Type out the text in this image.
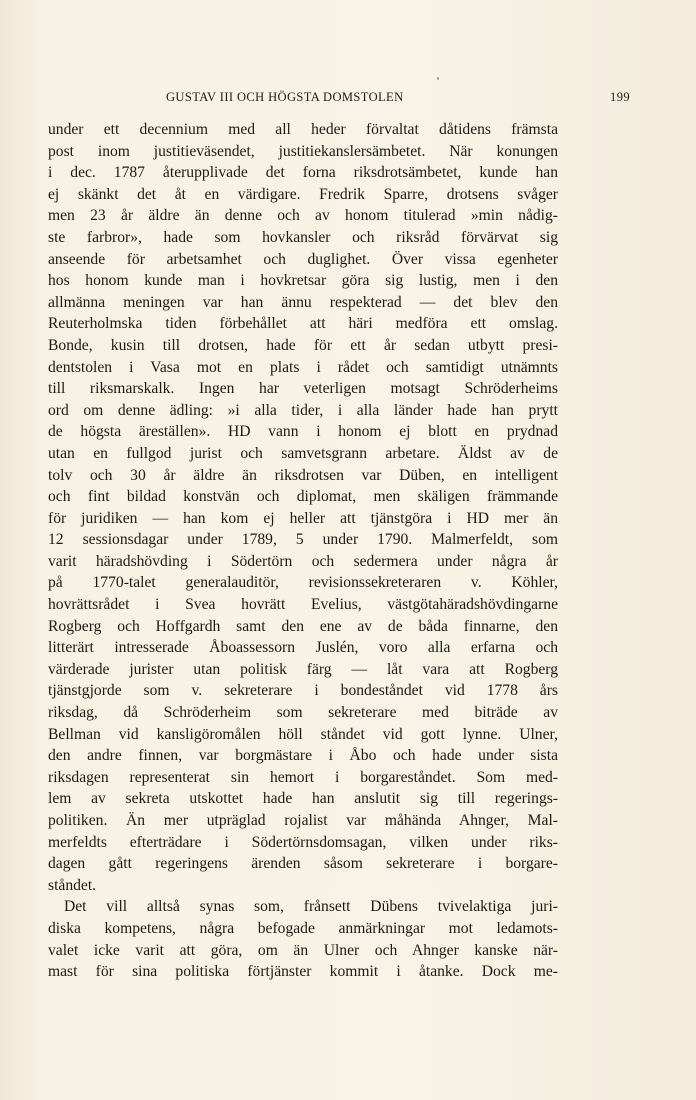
GUSTAV III OCH HÖGSTA DOMSTOLEN	199
under ett decennium med all heder förvaltat dåtidens främsta
post inom justitieväsendet, justitiekanslersämbetet. När konungen
i dec. 1787 återupplivade det forna riksdrotsämbetet, kunde han
ej skänkt det åt en värdigare. Fredrik Sparre, drotsens svåger
men 23 år äldre än denne och av honom titulerad »min nådig-
ste farbror», hade som hovkansler och riksråd förvärvat sig
anseende för arbetsamhet och duglighet. Över vissa egenheter
hos honom kunde man i hovkretsar göra sig lustig, men i den
allmänna meningen var han ännu respekterad — det blev den
Reuterholmska tiden förbehållet att häri medföra ett omslag.
Bonde, kusin till drotsen, hade för ett år sedan utbytt presi-
dentstolen i Vasa mot en plats i rådet och samtidigt utnämnts
till riksmarskalk. Ingen har veterligen motsagt Schröderheims
ord om denne ädling: »i alla tider, i alla länder hade han prytt
de högsta äreställen». HD vann i honom ej blott en prydnad
utan en fullgod jurist och samvetsgrann arbetare. Äldst av de
tolv och 30 år äldre än riksdrotsen var Düben, en intelligent
och fint bildad konstvän och diplomat, men skäligen främmande
för juridiken — han kom ej heller att tjänstgöra i HD mer än
12 sessionsdagar under 1789, 5 under 1790. Malmerfeldt, som
varit häradshövding i Södertörn och sedermera under några år
på 1770-talet generalauditör, revisionssekreteraren v. Köhler,
hovrättsrådet i Svea hovrätt Evelius, västgötahäradshövdingarne
Rogberg och Hoffgardh samt den ene av de båda finnarne, den
litterärt intresserade Åboassessorn Juslén, voro alla erfarna och
värderade jurister utan politisk färg — låt vara att Rogberg
tjänstgjorde som v. sekreterare i bondeståndet vid 1778 års
riksdag, då Schröderheim som sekreterare med biträde av
Bellman vid kansligöromålen höll ståndet vid gott lynne. Ulner,
den andre finnen, var borgmästare i Åbo och hade under sista
riksdagen representerat sin hemort i borgareståndet. Som med-
lem av sekreta utskottet hade han anslutit sig till regerings-
politiken. Än mer utpräglad rojalist var måhända Ahnger, Mal-
merfeldts efterträdare i Södertörnsdomsagan, vilken under riks-
dagen gått regeringens ärenden såsom sekreterare i borgare-
ståndet.
Det vill alltså synas som, frånsett Dübens tvivelaktiga juri-
diska kompetens, några befogade anmärkningar mot ledamots-
valet icke varit att göra, om än Ulner och Ahnger kanske när-
mast för sina politiska förtjänster kommit i åtanke. Dock me-
